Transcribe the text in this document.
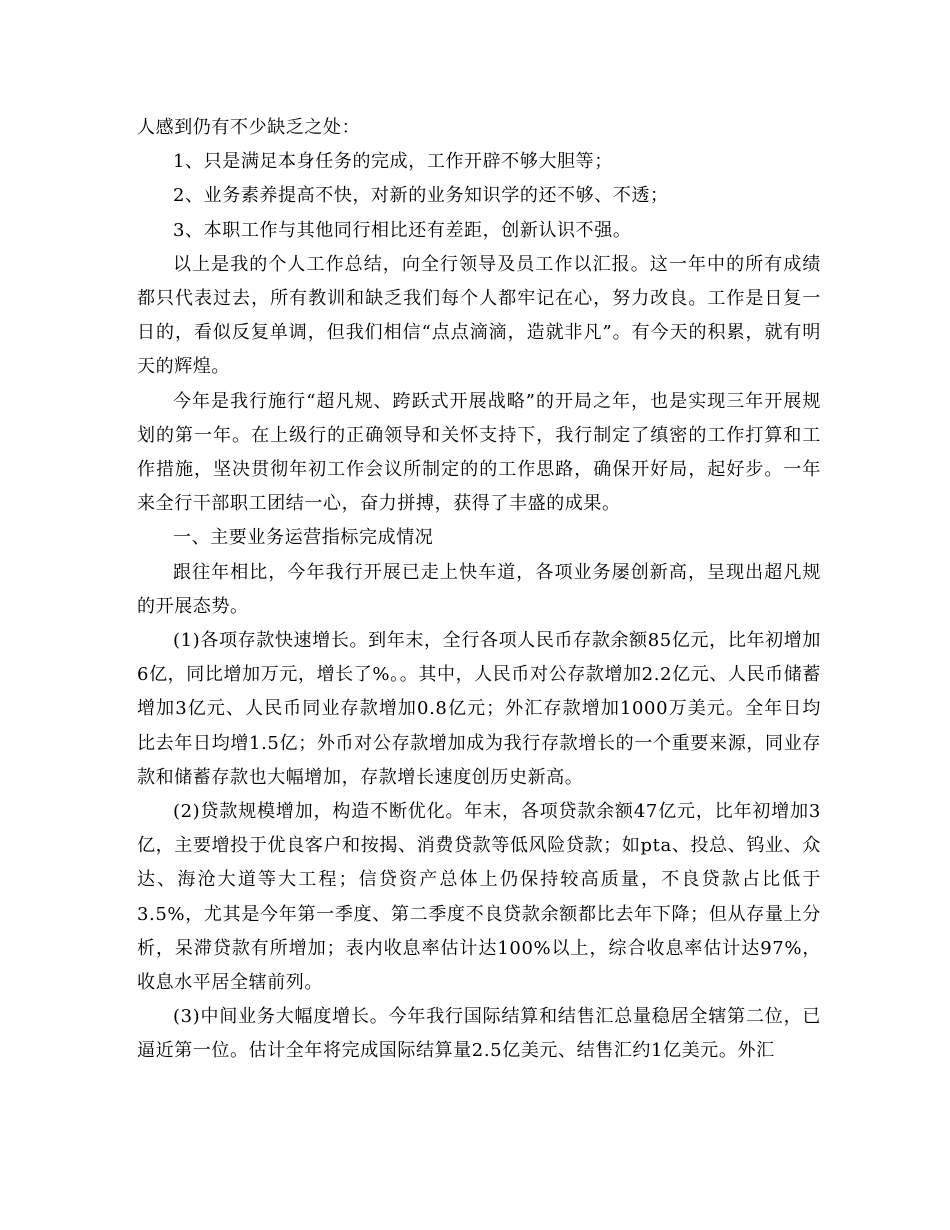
人感到仍有不少缺乏之处：

1、只是满足本身任务的完成，工作开辟不够大胆等；

2、业务素养提高不快，对新的业务知识学的还不够、不透；

3、本职工作与其他同行相比还有差距，创新认识不强。

以上是我的个人工作总结，向全行领导及员工作以汇报。这一年中的所有成绩都只代表过去，所有教训和缺乏我们每个人都牢记在心，努力改良。工作是日复一日的，看似反复单调，但我们相信“点点滴滴，造就非凡”。有今天的积累，就有明天的辉煌。

今年是我行施行“超凡规、跨跃式开展战略”的开局之年，也是实现三年开展规划的第一年。在上级行的正确领导和关怀支持下，我行制定了缜密的工作打算和工作措施，坚决贯彻年初工作会议所制定的的工作思路，确保开好局，起好步。一年来全行干部职工团结一心，奋力拼搏，获得了丰盛的成果。

一、主要业务运营指标完成情况

跟往年相比，今年我行开展已走上快车道，各项业务屡创新高，呈现出超凡规的开展态势。

(1)各项存款快速增长。到年末，全行各项人民币存款余额85亿元，比年初增加6亿，同比增加万元，增长了%。。其中，人民币对公存款增加2.2亿元、人民币储蓄增加3亿元、人民币同业存款增加0.8亿元；外汇存款增加1000万美元。全年日均比去年日均增1.5亿；外币对公存款增加成为我行存款增长的一个重要来源，同业存款和储蓄存款也大幅增加，存款增长速度创历史新高。

(2)贷款规模增加，构造不断优化。年末，各项贷款余额47亿元，比年初增加3亿，主要增投于优良客户和按揭、消费贷款等低风险贷款；如pta、投总、钨业、众达、海沧大道等大工程；信贷资产总体上仍保持较高质量，不良贷款占比低于3.5%，尤其是今年第一季度、第二季度不良贷款余额都比去年下降；但从存量上分析，呆滞贷款有所增加；表内收息率估计达100%以上，综合收息率估计达97%，收息水平居全辖前列。

(3)中间业务大幅度增长。今年我行国际结算和结售汇总量稳居全辖第二位，已逼近第一位。估计全年将完成国际结算量2.5亿美元、结售汇约1亿美元。外汇
